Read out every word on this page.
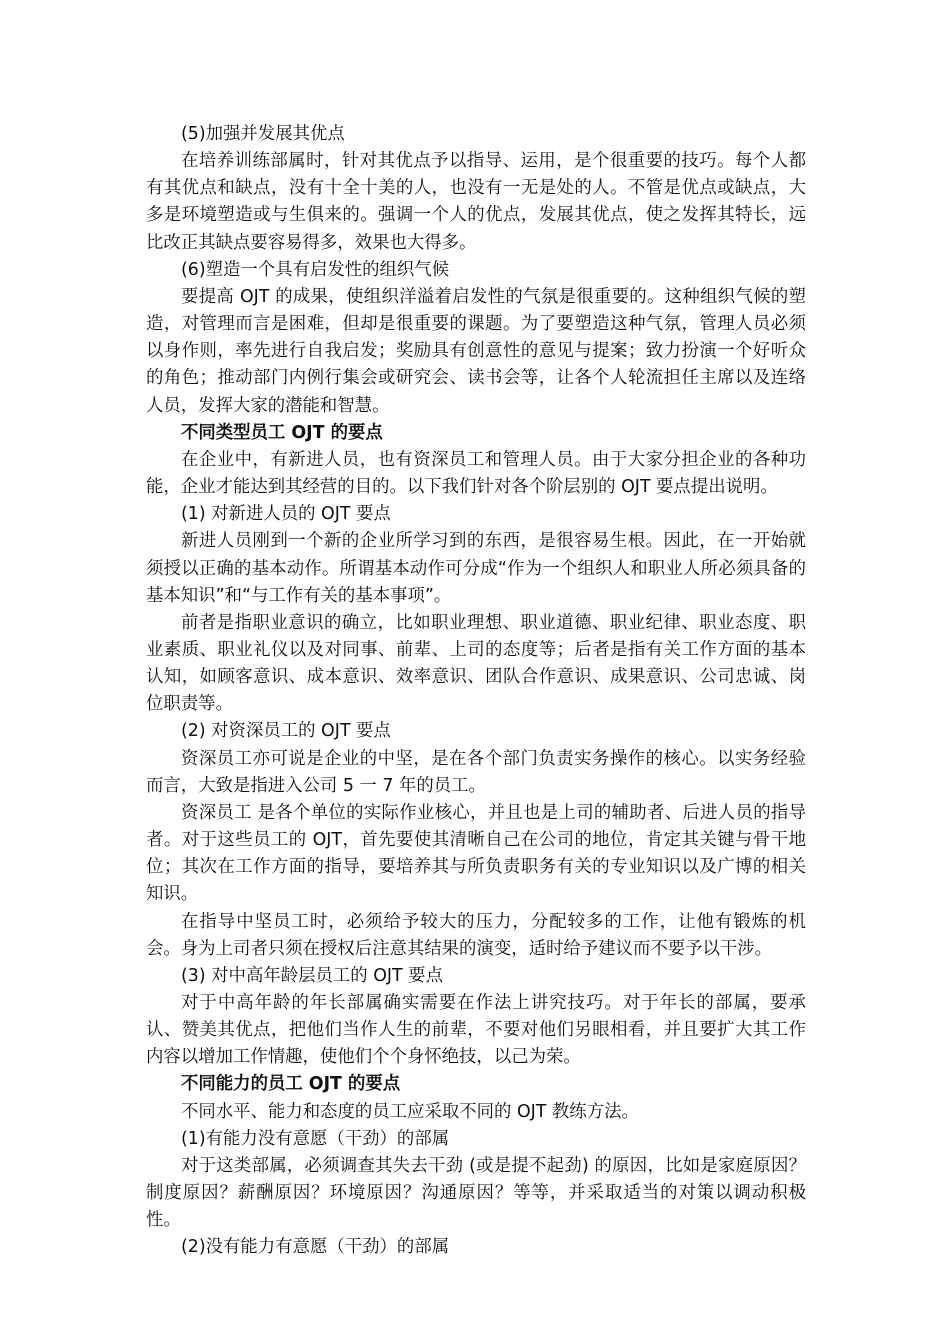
(5)加强并发展其优点

在培养训练部属时，针对其优点予以指导、运用，是个很重要的技巧。每个人都有其优点和缺点，没有十全十美的人，也没有一无是处的人。不管是优点或缺点，大多是环境塑造或与生俱来的。强调一个人的优点，发展其优点，使之发挥其特长，远比改正其缺点要容易得多，效果也大得多。

(6)塑造一个具有启发性的组织气候

要提高 OJT 的成果，使组织洋溢着启发性的气氛是很重要的。这种组织气候的塑造，对管理而言是困难，但却是很重要的课题。为了要塑造这种气氛，管理人员必须以身作则，率先进行自我启发；奖励具有创意性的意见与提案；致力扮演一个好听众的角色；推动部门内例行集会或研究会、读书会等，让各个人轮流担任主席以及连络人员，发挥大家的潜能和智慧。

不同类型员工 OJT 的要点

在企业中，有新进人员，也有资深员工和管理人员。由于大家分担企业的各种功能，企业才能达到其经营的目的。以下我们针对各个阶层别的 OJT 要点提出说明。

(1) 对新进人员的 OJT 要点

新进人员刚到一个新的企业所学习到的东西，是很容易生根。因此，在一开始就须授以正确的基本动作。所谓基本动作可分成“作为一个组织人和职业人所必须具备的基本知识”和“与工作有关的基本事项”。

前者是指职业意识的确立，比如职业理想、职业道德、职业纪律、职业态度、职业素质、职业礼仪以及对同事、前辈、上司的态度等；后者是指有关工作方面的基本认知，如顾客意识、成本意识、效率意识、团队合作意识、成果意识、公司忠诚、岗位职责等。

(2) 对资深员工的 OJT 要点

资深员工亦可说是企业的中坚，是在各个部门负责实务操作的核心。以实务经验而言，大致是指进入公司 5 一 7 年的员工。

资深员工 是各个单位的实际作业核心，并且也是上司的辅助者、后进人员的指导者。对于这些员工的 OJT，首先要使其清晰自己在公司的地位，肯定其关键与骨干地位；其次在工作方面的指导，要培养其与所负责职务有关的专业知识以及广博的相关知识。

在指导中坚员工时，必须给予较大的压力，分配较多的工作，让他有锻炼的机会。身为上司者只须在授权后注意其结果的演变，适时给予建议而不要予以干涉。

(3) 对中高年龄层员工的 OJT 要点

对于中高年龄的年长部属确实需要在作法上讲究技巧。对于年长的部属，要承认、赞美其优点，把他们当作人生的前辈，不要对他们另眼相看，并且要扩大其工作内容以增加工作情趣，使他们个个身怀绝技，以己为荣。

不同能力的员工 OJT 的要点

不同水平、能力和态度的员工应采取不同的 OJT 教练方法。

(1)有能力没有意愿（干劲）的部属

对于这类部属，必须调查其失去干劲 (或是提不起劲) 的原因，比如是家庭原因？制度原因？薪酬原因？环境原因？沟通原因？等等，并采取适当的对策以调动积极性。

(2)没有能力有意愿（干劲）的部属
